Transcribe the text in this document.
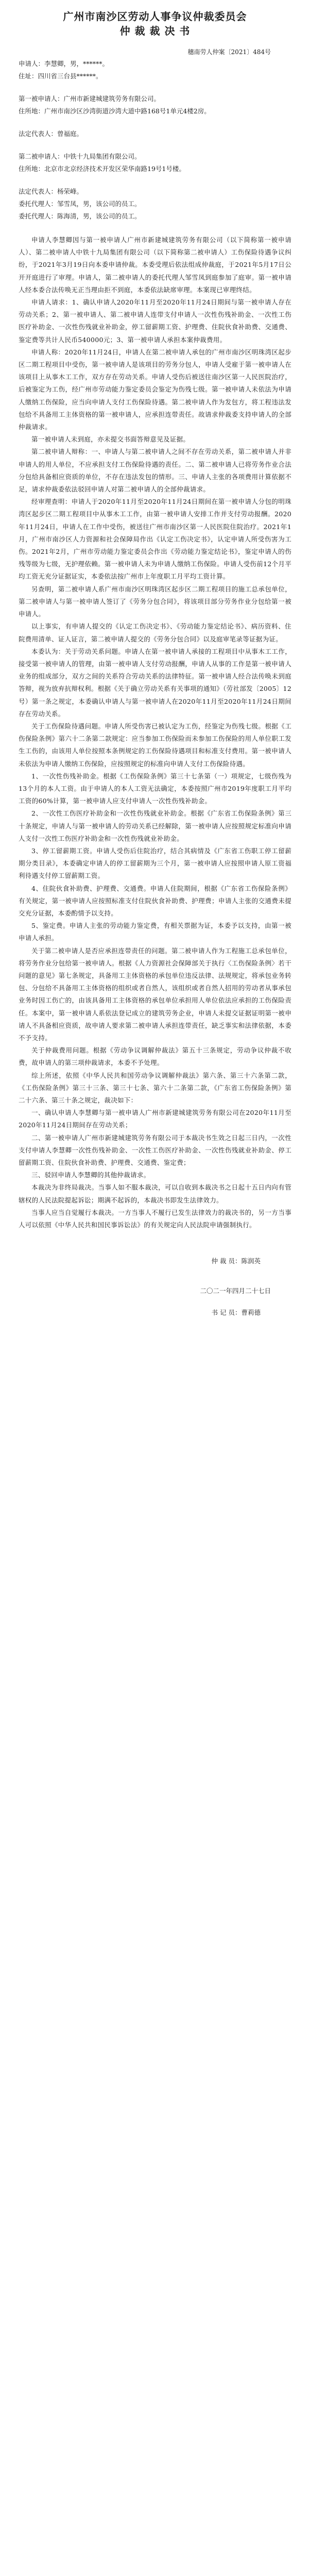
广州市南沙区劳动人事争议仲裁委员会
仲 裁 裁 决 书
穗南劳人仲案〔2021〕484号

申请人：李慧卿，男，******。

住址：四川省三台县******。

第一被申请人：广州市新建城建筑劳务有限公司。

住所地：广州市南沙区沙湾街道沙湾大道中路168号1单元4楼2房。

法定代表人：曾福庭。

第二被申请人：中铁十九局集团有限公司。

住所地：北京市北京经济技术开发区荣华南路19号1号楼。

法定代表人：杨荣峰。

委托代理人：邹雪凤，男，该公司的员工。

委托代理人：陈海清，男，该公司的员工。

申请人李慧卿因与第一被申请人广州市新建城建筑劳务有限公司（以下简称第一被申请人）、第二被申请人中铁十九局集团有限公司（以下简称第二被申请人）工伤保险待遇争议纠纷，于2021年3月19日向本委申请仲裁。本委受理后依法组成仲裁庭，于2021年5月17日公开开庭进行了审理。申请人，第二被申请人的委托代理人邹雪凤到庭参加了庭审。第一被申请人经本委合法传唤无正当理由拒不到庭，本委依法缺席审理。本案现已审理终结。

申请人请求：1、确认申请人2020年11月至2020年11月24日期间与第一被申请人存在劳动关系；2、第一被申请人、第二被申请人连带支付申请人一次性伤残补助金、一次性工伤医疗补助金、一次性伤残就业补助金，停工留薪期工资、护理费、住院伙食补助费、交通费、鉴定费等共计人民币540000元；3、第一被申请人承担本案仲裁费用。

申请人称：2020年11月24日，申请人在第二被申请人承包的广州市南沙区明珠湾区起步区二期工程项目中受伤，第一被申请人是该项目的劳务分包人，申请人受雇于第一被申请人在该项目上从事木工工作，双方存在劳动关系。申请人受伤后被送往南沙区第一人民医院治疗，后被鉴定为工伤，经广州市劳动能力鉴定委员会鉴定为伤残七级。第一被申请人未依法为申请人缴纳工伤保险，应当向申请人支付工伤保险待遇。第二被申请人作为发包方，将工程违法发包给不具备用工主体资格的第一被申请人，应承担连带责任。故请求仲裁委支持申请人的全部仲裁请求。

第一被申请人未到庭，亦未提交书面答辩意见及证据。

第二被申请人辩称：一、申请人与第二被申请人之间不存在劳动关系，第二被申请人并非申请人的用人单位，不应承担支付工伤保险待遇的责任。二、第二被申请人已将劳务作业合法分包给具备相应资质的单位，不存在违法发包的情形。三、申请人主张的各项费用计算依据不足，请求仲裁委依法驳回申请人对第二被申请人的全部仲裁请求。

经审理查明：申请人于2020年11月至2020年11月24日期间在第一被申请人分包的明珠湾区起步区二期工程项目中从事木工工作，由第一被申请人安排工作并支付劳动报酬。2020年11月24日，申请人在工作中受伤，被送往广州市南沙区第一人民医院住院治疗。2021年1月，广州市南沙区人力资源和社会保障局作出《认定工伤决定书》，认定申请人所受伤害为工伤。2021年2月，广州市劳动能力鉴定委员会作出《劳动能力鉴定结论书》，鉴定申请人的伤残等级为七级，无护理依赖。第一被申请人未为申请人缴纳工伤保险。申请人受伤前12个月平均工资无充分证据证实，本委依法按广州市上年度职工月平均工资计算。

另查明，第二被申请人系广州市南沙区明珠湾区起步区二期工程项目的施工总承包单位，第二被申请人与第一被申请人签订了《劳务分包合同》，将该项目部分劳务作业分包给第一被申请人。

以上事实，有申请人提交的《认定工伤决定书》、《劳动能力鉴定结论书》、病历资料、住院费用清单、证人证言，第二被申请人提交的《劳务分包合同》以及庭审笔录等证据为证。

本委认为：关于劳动关系问题。申请人在第一被申请人承接的工程项目中从事木工工作，接受第一被申请人的管理，由第一被申请人支付劳动报酬，申请人从事的工作是第一被申请人业务的组成部分，双方之间的关系符合劳动关系的法律特征。第一被申请人经合法传唤未到庭答辩，视为放弃抗辩权利。根据《关于确立劳动关系有关事项的通知》（劳社部发〔2005〕12号）第一条之规定，本委确认申请人与第一被申请人在2020年11月至2020年11月24日期间存在劳动关系。

关于工伤保险待遇问题。申请人所受伤害已被认定为工伤，经鉴定为伤残七级。根据《工伤保险条例》第六十二条第二款规定：应当参加工伤保险而未参加工伤保险的用人单位职工发生工伤的，由该用人单位按照本条例规定的工伤保险待遇项目和标准支付费用。第一被申请人未依法为申请人缴纳工伤保险，应按照规定的标准向申请人支付工伤保险待遇。

1、一次性伤残补助金。根据《工伤保险条例》第三十七条第（一）项规定，七级伤残为13个月的本人工资。由于申请人的本人工资无法确定，本委按照广州市2019年度职工月平均工资的60%计算，第一被申请人应支付申请人一次性伤残补助金。

2、一次性工伤医疗补助金和一次性伤残就业补助金。根据《广东省工伤保险条例》第三十条规定，申请人与第一被申请人的劳动关系已经解除，第一被申请人应按照规定标准向申请人支付一次性工伤医疗补助金和一次性伤残就业补助金。

3、停工留薪期工资。申请人受伤后住院治疗，结合其病情及《广东省工伤职工停工留薪期分类目录》，本委确定申请人的停工留薪期为三个月，第一被申请人应按照申请人原工资福利待遇支付停工留薪期工资。

4、住院伙食补助费、护理费、交通费。申请人住院期间，根据《广东省工伤保险条例》有关规定，第一被申请人应按照标准支付住院伙食补助费、护理费；申请人主张的交通费未提交充分证据，本委酌情予以支持。

5、鉴定费。申请人主张的劳动能力鉴定费，有相关票据为证，本委予以支持，由第一被申请人承担。

关于第二被申请人是否应承担连带责任的问题。第二被申请人作为工程施工总承包单位，将劳务作业分包给第一被申请人。根据《人力资源社会保障部关于执行〈工伤保险条例〉若干问题的意见》第七条规定，具备用工主体资格的承包单位违反法律、法规规定，将承包业务转包、分包给不具备用工主体资格的组织或者自然人，该组织或者自然人招用的劳动者从事承包业务时因工伤亡的，由该具备用工主体资格的承包单位承担用人单位依法应承担的工伤保险责任。本案中，第一被申请人系依法登记成立的建筑劳务企业，申请人未提交证据证明第一被申请人不具备相应资质，故申请人要求第二被申请人承担连带责任，缺乏事实和法律依据，本委不予支持。

关于仲裁费用问题。根据《劳动争议调解仲裁法》第五十三条规定，劳动争议仲裁不收费，故申请人的第三项仲裁请求，本委不予处理。

综上所述，依照《中华人民共和国劳动争议调解仲裁法》第六条、第三十六条第二款，《工伤保险条例》第三十三条、第三十七条、第六十二条第二款，《广东省工伤保险条例》第二十六条、第三十条之规定，裁决如下：

一、确认申请人李慧卿与第一被申请人广州市新建城建筑劳务有限公司在2020年11月至2020年11月24日期间存在劳动关系；

二、第一被申请人广州市新建城建筑劳务有限公司于本裁决书生效之日起三日内，一次性支付申请人李慧卿一次性伤残补助金、一次性工伤医疗补助金、一次性伤残就业补助金、停工留薪期工资、住院伙食补助费、护理费、交通费、鉴定费；

三、驳回申请人李慧卿的其他仲裁请求。

本裁决为非终局裁决。当事人如不服本裁决，可以自收到本裁决书之日起十五日内向有管辖权的人民法院提起诉讼；期满不起诉的，本裁决书即发生法律效力。

当事人应当自觉履行本裁决。一方当事人不履行已发生法律效力的裁决书的，另一方当事人可以依照《中华人民共和国民事诉讼法》的有关规定向人民法院申请强制执行。

仲 裁 员：陈润英
二〇二一年四月二十七日
书 记 员：曹莉德
